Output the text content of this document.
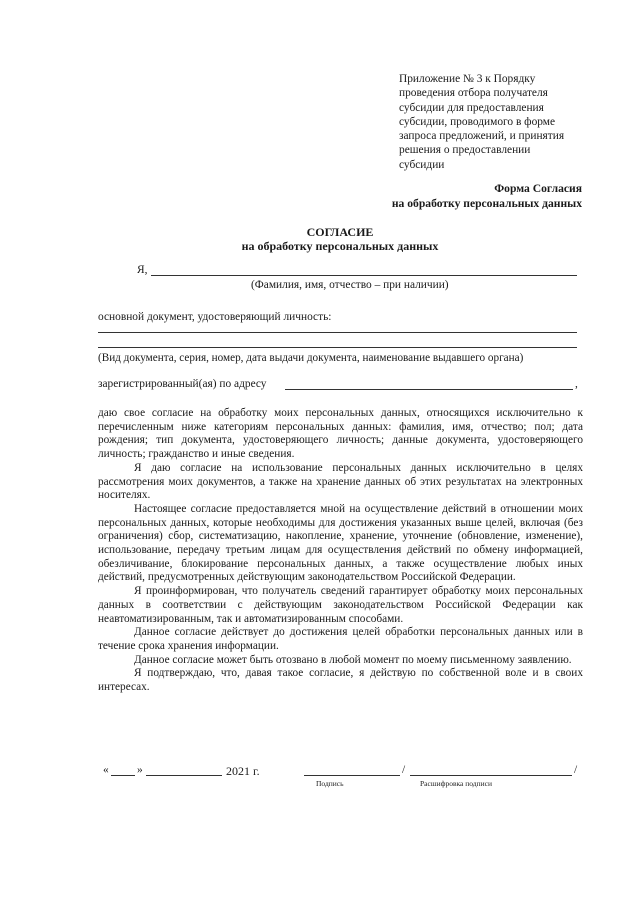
Приложение № 3 к Порядку
проведения отбора получателя
субсидии для предоставления
субсидии, проводимого в форме
запроса предложений, и принятия
решения о предоставлении
субсидии
Форма Согласия
на обработку персональных данных
СОГЛАСИЕ
на обработку персональных данных
Я,
(Фамилия, имя, отчество – при наличии)
основной документ, удостоверяющий личность:
(Вид документа, серия, номер, дата выдачи документа, наименование выдавшего органа)
зарегистрированный(ая) по адресу	,

даю свое согласие на обработку моих персональных данных, относящихся исключительно к перечисленным ниже категориям персональных данных: фамилия, имя, отчество; пол; дата рождения; тип документа, удостоверяющего личность; данные документа, удостоверяющего личность; гражданство и иные сведения.

Я даю согласие на использование персональных данных исключительно в целях рассмотрения моих документов, а также на хранение данных об этих результатах на электронных носителях.

Настоящее согласие предоставляется мной на осуществление действий в отношении моих персональных данных, которые необходимы для достижения указанных выше целей, включая (без ограничения) сбор, систематизацию, накопление, хранение, уточнение (обновление, изменение), использование, передачу третьим лицам для осуществления действий по обмену информацией, обезличивание, блокирование персональных данных, а также осуществление любых иных действий, предусмотренных действующим законодательством Российской Федерации.

Я проинформирован, что получатель сведений гарантирует обработку моих персональных данных в соответствии с действующим законодательством Российской Федерации как неавтоматизированным, так и автоматизированным способами.

Данное согласие действует до достижения целей обработки персональных данных или в течение срока хранения информации.

Данное согласие может быть отозвано в любой момент по моему письменному заявлению.

Я подтверждаю, что, давая такое согласие, я действую по собственной воле и в своих интересах.

« »	2021 г.	/	/
Подпись	Расшифровка подписи
